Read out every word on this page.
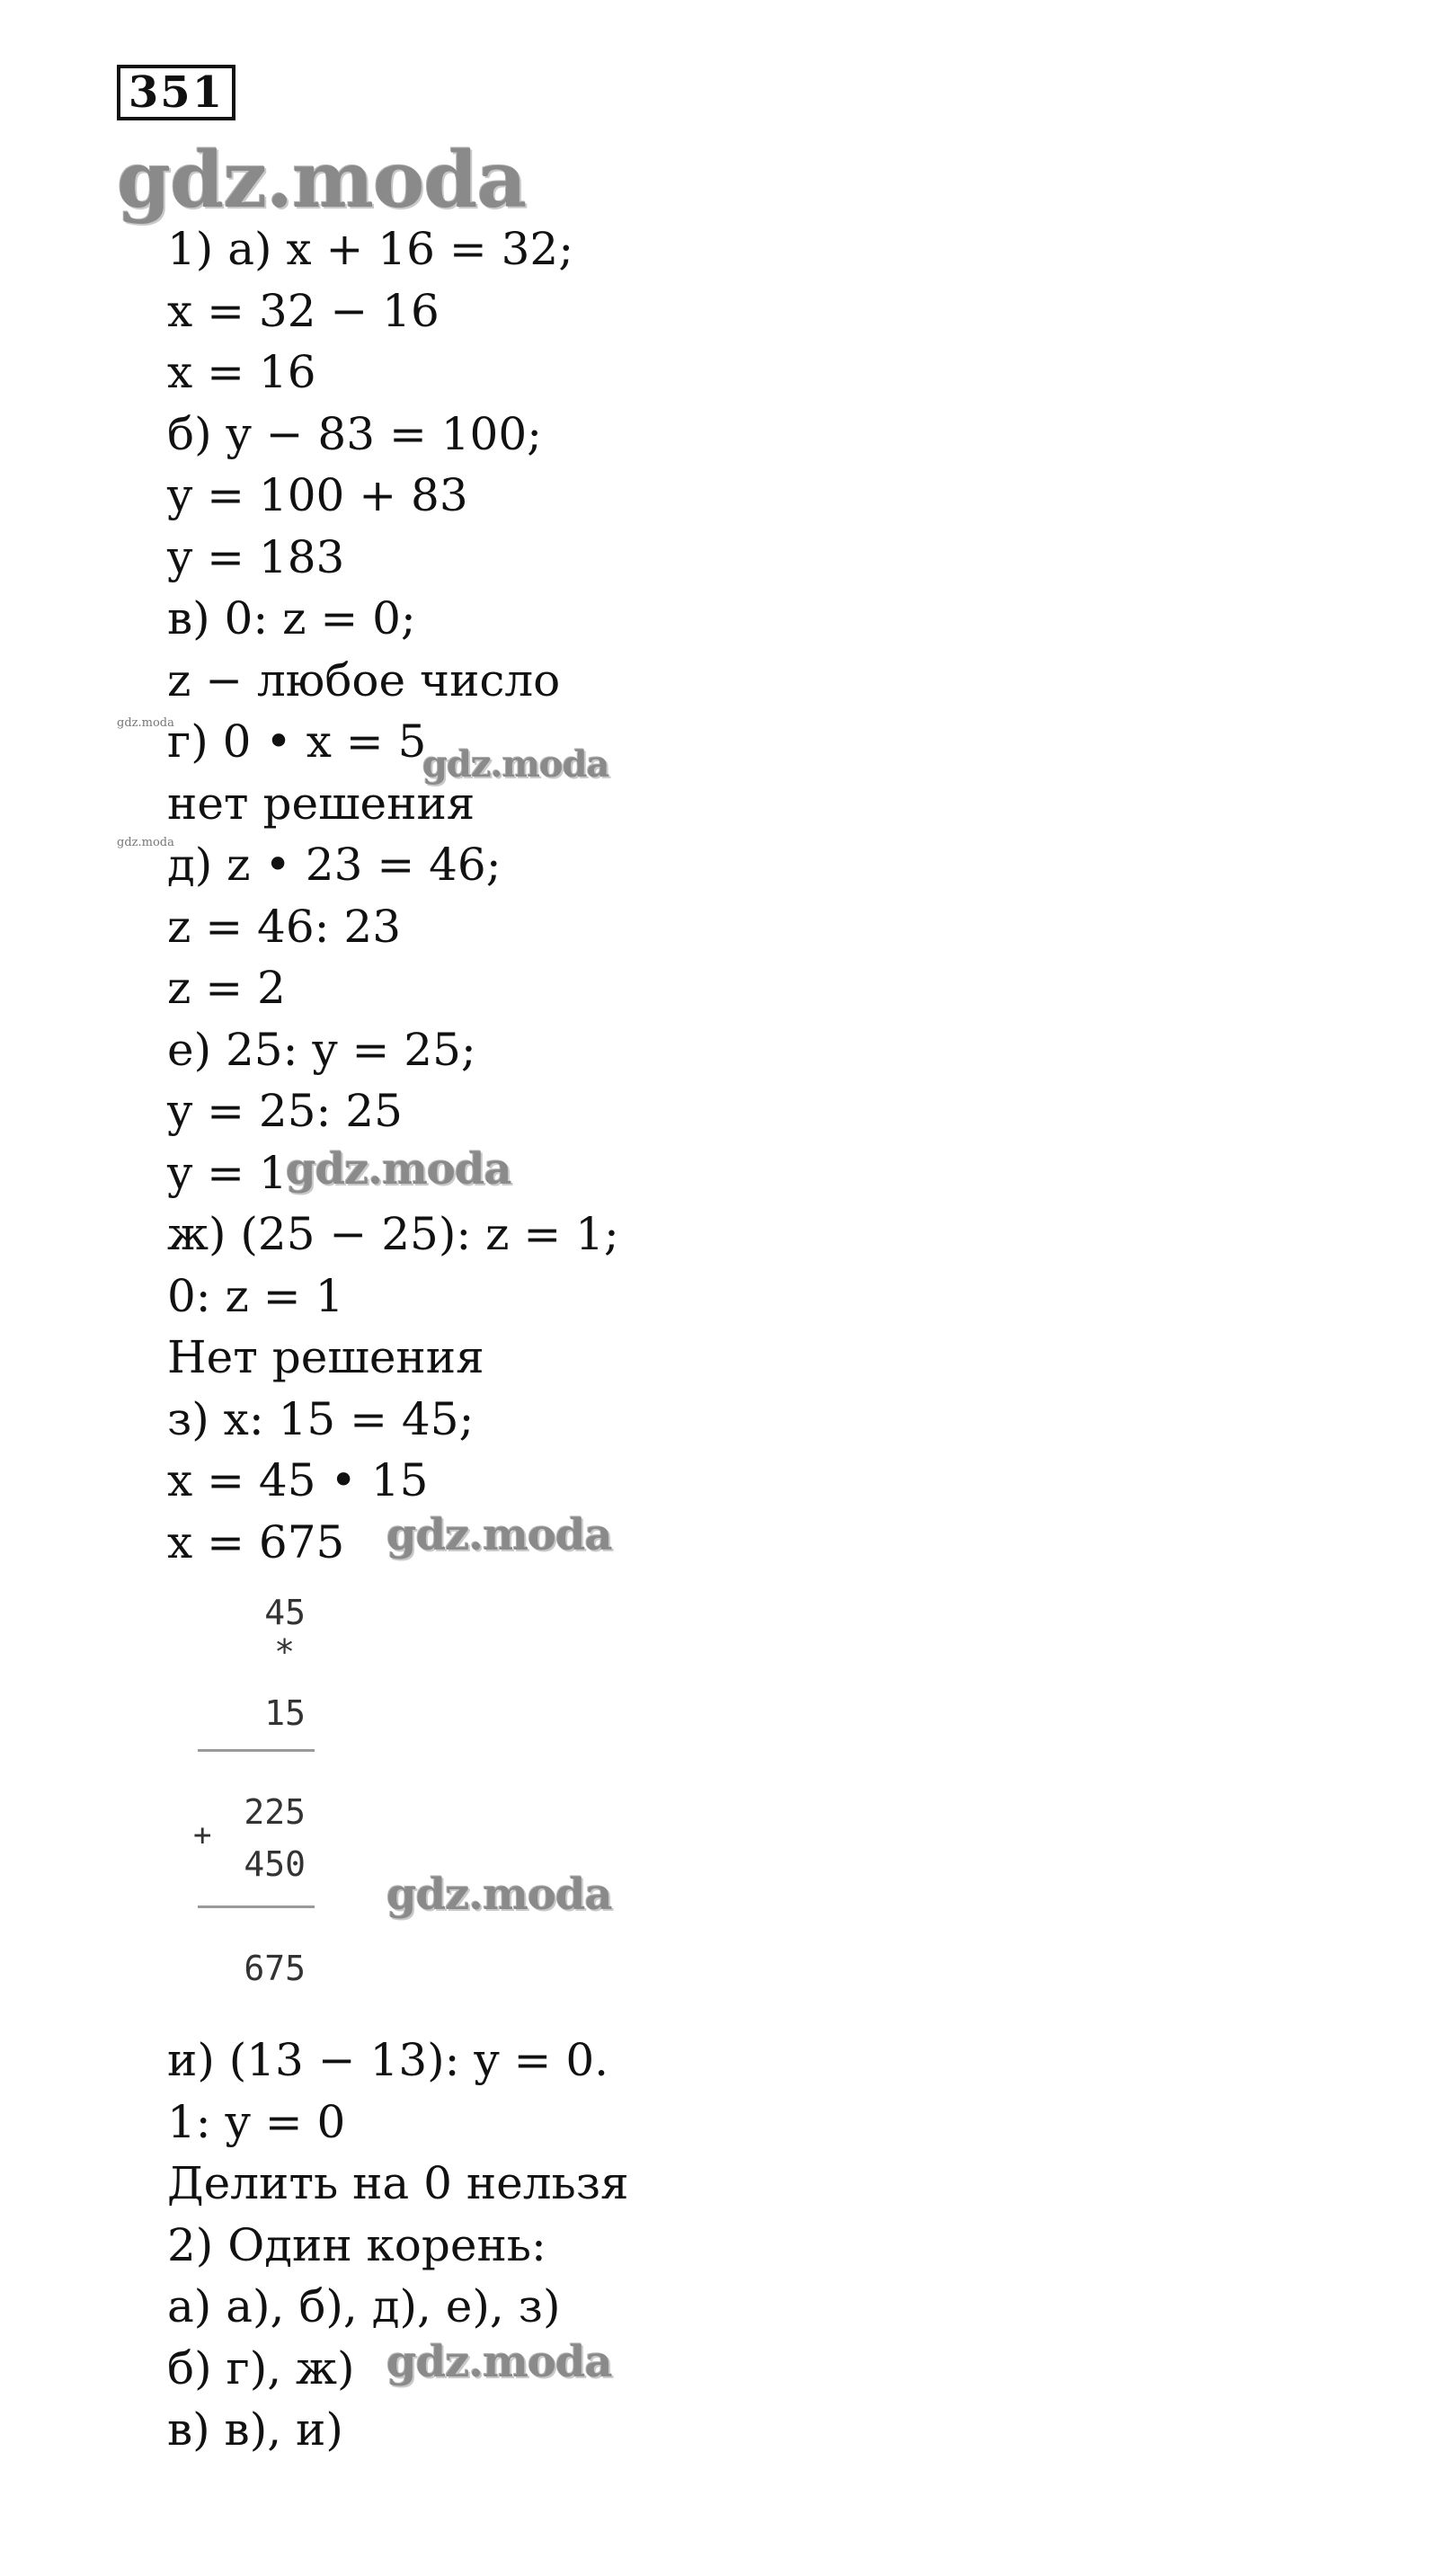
351
gdz.moda
1) а) x + 16 = 32;
x = 32 − 16
x = 16
б) y − 83 = 100;
y = 100 + 83
y = 183
в) 0: z = 0;
z − любое число
г) 0 • x = 5
нет решения
д) z • 23 = 46;
z = 46: 23
z = 2
е) 25: y = 25;
y = 25: 25
y = 1
ж) (25 − 25): z = 1;
0: z = 1
Нет решения
з) x: 15 = 45;
x = 45 • 15
x = 675
45
*
15
225
+
450
675
и) (13 − 13): y = 0.
1: y = 0
Делить на 0 нельзя
2) Один корень:
а) а), б), д), е), з)
б) г), ж)
в) в), и)
gdz.moda
gdz.moda
gdz.moda
gdz.moda
gdz.moda
gdz.moda
gdz.moda
